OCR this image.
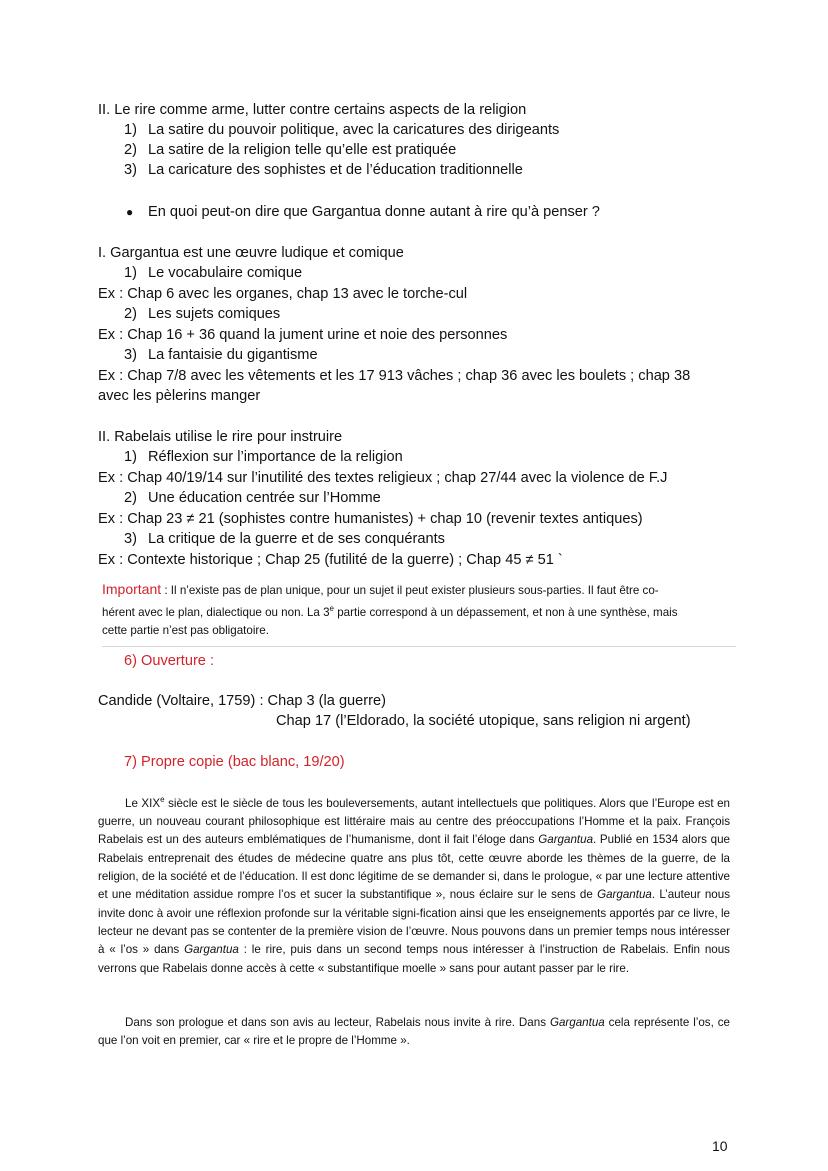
II. Le rire comme arme, lutter contre certains aspects de la religion
1) La satire du pouvoir politique, avec la caricatures des dirigeants
2) La satire de la religion telle qu’elle est pratiquée
3) La caricature des sophistes et de l’éducation traditionnelle
● En quoi peut-on dire que Gargantua donne autant à rire qu’à penser ?
I. Gargantua est une œuvre ludique et comique
1) Le vocabulaire comique
Ex : Chap 6 avec les organes, chap 13 avec le torche-cul
2) Les sujets comiques
Ex : Chap 16 + 36 quand la jument urine et noie des personnes
3) La fantaisie du gigantisme
Ex : Chap 7/8 avec les vêtements et les 17 913 vâches ; chap 36 avec les boulets ; chap 38
avec les pèlerins manger
II. Rabelais utilise le rire pour instruire
1) Réflexion sur l’importance de la religion
Ex : Chap 40/19/14 sur l’inutilité des textes religieux ; chap 27/44 avec la violence de F.J
2) Une éducation centrée sur l’Homme
Ex : Chap 23 ≠ 21 (sophistes contre humanistes) + chap 10 (revenir textes antiques)
3) La critique de la guerre et de ses conquérants
Ex : Contexte historique ; Chap 25 (futilité de la guerre) ; Chap 45 ≠ 51 `
Important : Il n’existe pas de plan unique, pour un sujet il peut exister plusieurs sous-parties. Il faut être co-
hérent avec le plan, dialectique ou non. La 3e partie correspond à un dépassement, et non à une synthèse, mais
cette partie n’est pas obligatoire.
6) Ouverture :
Candide (Voltaire, 1759) : Chap 3 (la guerre)
Chap 17 (l’Eldorado, la société utopique, sans religion ni argent)
7) Propre copie (bac blanc, 19/20)

Le XIXe siècle est le siècle de tous les bouleversements, autant intellectuels que politiques. Alors que l’Europe est en guerre, un nouveau courant philosophique est littéraire mais au centre des préoccupations l’Homme et la paix. François Rabelais est un des auteurs emblématiques de l’humanisme, dont il fait l’éloge dans Gargantua. Publié en 1534 alors que Rabelais entreprenait des études de médecine quatre ans plus tôt, cette œuvre aborde les thèmes de la guerre, de la religion, de la société et de l’éducation. Il est donc légitime de se demander si, dans le prologue, « par une lecture attentive et une méditation assidue rompre l’os et sucer la substantifique », nous éclaire sur le sens de Gargantua. L’auteur nous invite donc à avoir une réflexion profonde sur la véritable signi-fication ainsi que les enseignements apportés par ce livre, le lecteur ne devant pas se contenter de la première vision de l’œuvre. Nous pouvons dans un premier temps nous intéresser à « l’os » dans Gargantua : le rire, puis dans un second temps nous intéresser à l’instruction de Rabelais. Enfin nous verrons que Rabelais donne accès à cette « substantifique moelle » sans pour autant passer par le rire.

Dans son prologue et dans son avis au lecteur, Rabelais nous invite à rire. Dans Gargantua cela représente l’os, ce que l’on voit en premier, car « rire et le propre de l’Homme ».

10
